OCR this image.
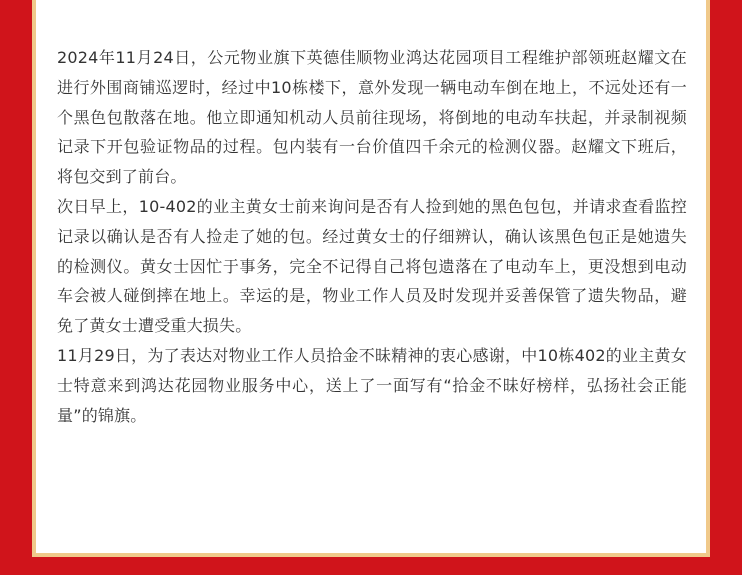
2024年11月24日，公元物业旗下英德佳顺物业鸿达花园项目工程维护部领班赵耀文在进行外围商铺巡逻时，经过中10栋楼下，意外发现一辆电动车倒在地上，不远处还有一个黑色包散落在地。他立即通知机动人员前往现场，将倒地的电动车扶起，并录制视频记录下开包验证物品的过程。包内装有一台价值四千余元的检测仪器。赵耀文下班后，将包交到了前台。

次日早上，10-402的业主黄女士前来询问是否有人捡到她的黑色包包，并请求查看监控记录以确认是否有人捡走了她的包。经过黄女士的仔细辨认，确认该黑色包正是她遗失的检测仪。黄女士因忙于事务，完全不记得自己将包遗落在了电动车上，更没想到电动车会被人碰倒摔在地上。幸运的是，物业工作人员及时发现并妥善保管了遗失物品，避免了黄女士遭受重大损失。

11月29日，为了表达对物业工作人员拾金不昧精神的衷心感谢，中10栋402的业主黄女士特意来到鸿达花园物业服务中心，送上了一面写有“拾金不昧好榜样，弘扬社会正能量”的锦旗。
